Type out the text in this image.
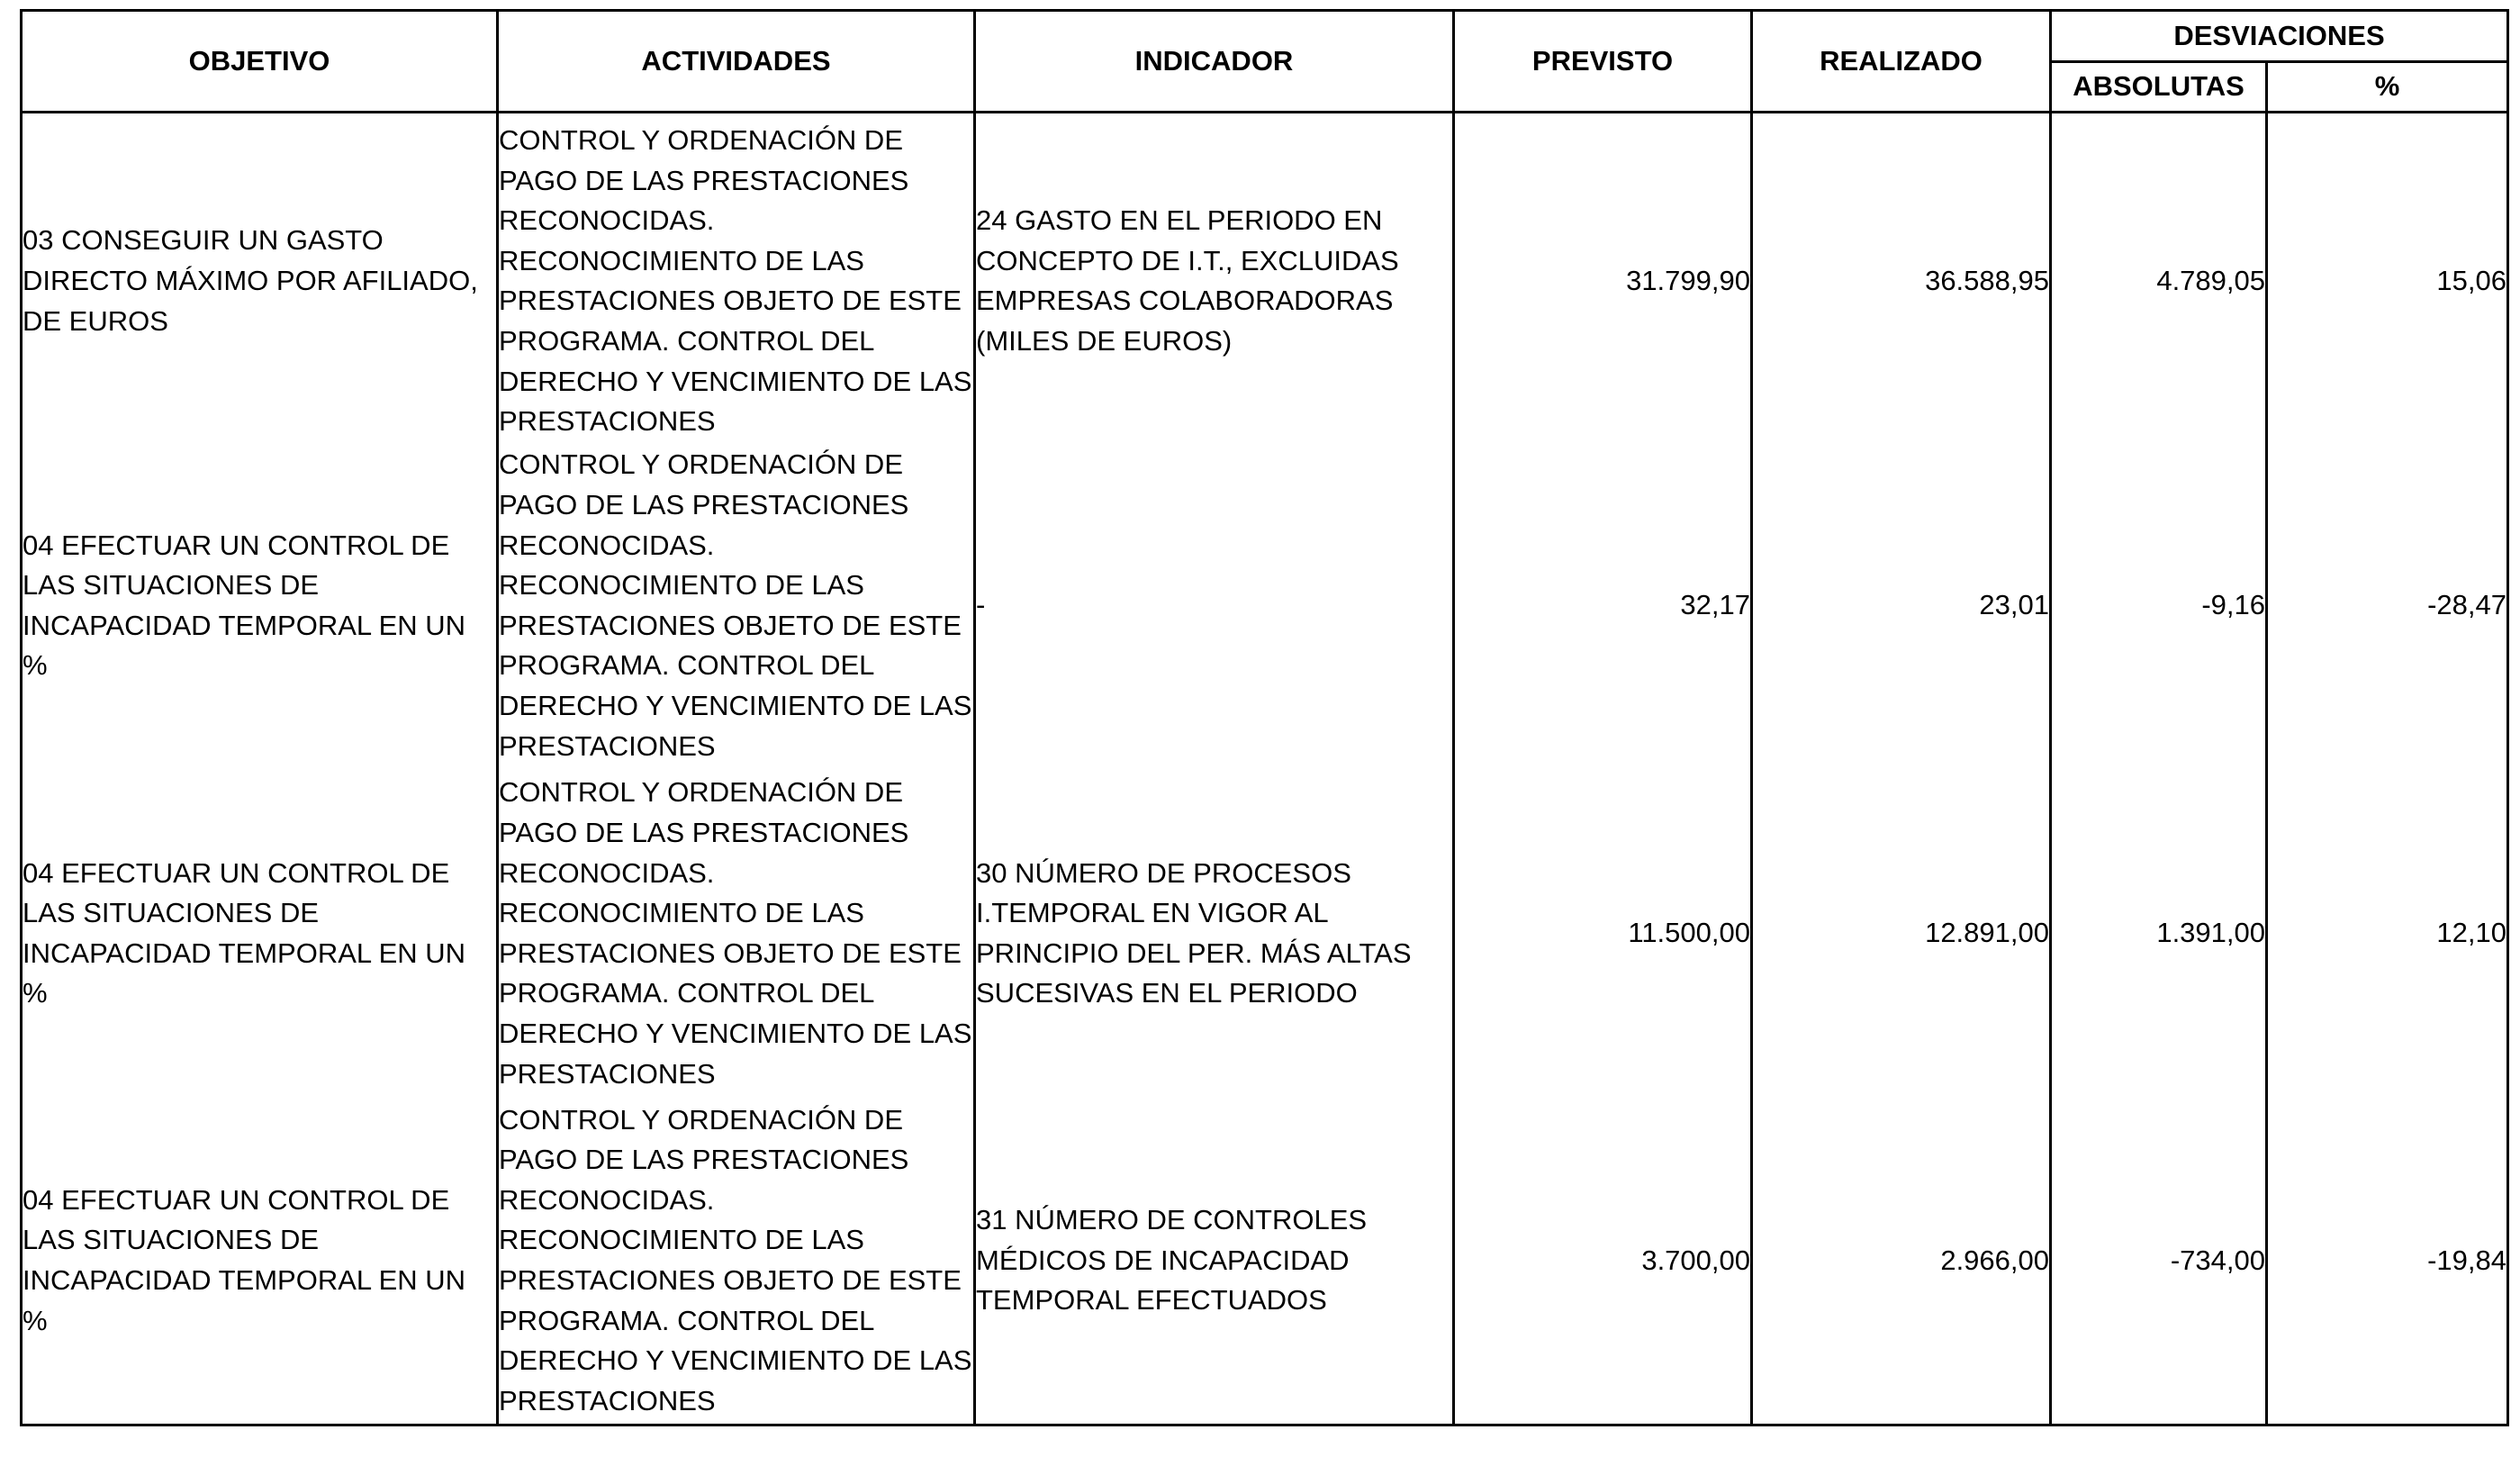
OBJETIVO	ACTIVIDADES	INDICADOR	PREVISTO	REALIZADO	DESVIACIONES	
					ABSOLUTAS	%
03 CONSEGUIR UN GASTO DIRECTO MÁXIMO POR AFILIADO, DE EUROS	CONTROL Y ORDENACIÓN DE PAGO DE LAS PRESTACIONES RECONOCIDAS. RECONOCIMIENTO DE LAS PRESTACIONES OBJETO DE ESTE PROGRAMA. CONTROL DEL DERECHO Y VENCIMIENTO DE LAS PRESTACIONES	24 GASTO EN EL PERIODO EN CONCEPTO DE I.T., EXCLUIDAS EMPRESAS COLABORADORAS (MILES DE EUROS)	31.799,90	36.588,95	4.789,05	15,06
04 EFECTUAR UN CONTROL DE LAS SITUACIONES DE INCAPACIDAD TEMPORAL EN UN %	CONTROL Y ORDENACIÓN DE PAGO DE LAS PRESTACIONES RECONOCIDAS. RECONOCIMIENTO DE LAS PRESTACIONES OBJETO DE ESTE PROGRAMA. CONTROL DEL DERECHO Y VENCIMIENTO DE LAS PRESTACIONES	-	32,17	23,01	-9,16	-28,47
04 EFECTUAR UN CONTROL DE LAS SITUACIONES DE INCAPACIDAD TEMPORAL EN UN %	CONTROL Y ORDENACIÓN DE PAGO DE LAS PRESTACIONES RECONOCIDAS. RECONOCIMIENTO DE LAS PRESTACIONES OBJETO DE ESTE PROGRAMA. CONTROL DEL DERECHO Y VENCIMIENTO DE LAS PRESTACIONES	30 NÚMERO DE PROCESOS I.TEMPORAL EN VIGOR AL PRINCIPIO DEL PER. MÁS ALTAS SUCESIVAS EN EL PERIODO	11.500,00	12.891,00	1.391,00	12,10
04 EFECTUAR UN CONTROL DE LAS SITUACIONES DE INCAPACIDAD TEMPORAL EN UN %	CONTROL Y ORDENACIÓN DE PAGO DE LAS PRESTACIONES RECONOCIDAS. RECONOCIMIENTO DE LAS PRESTACIONES OBJETO DE ESTE PROGRAMA. CONTROL DEL DERECHO Y VENCIMIENTO DE LAS PRESTACIONES	31 NÚMERO DE CONTROLES MÉDICOS DE INCAPACIDAD TEMPORAL EFECTUADOS	3.700,00	2.966,00	-734,00	-19,84
